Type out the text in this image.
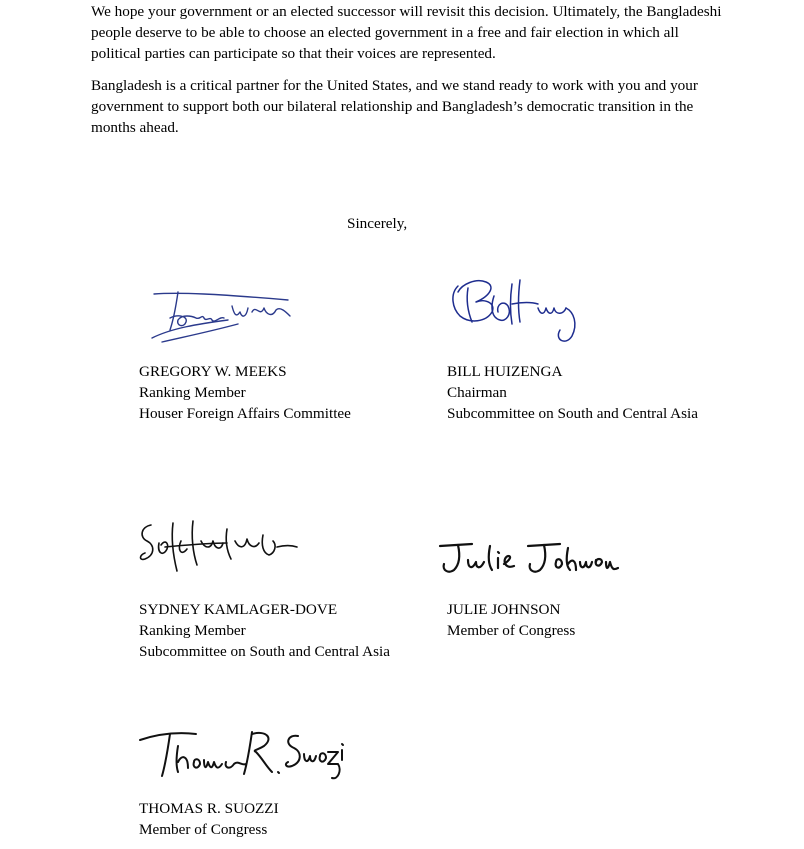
We hope your government or an elected successor will revisit this decision. Ultimately, the Bangladeshi people deserve to be able to choose an elected government in a free and fair election in which all political parties can participate so that their voices are represented.

Bangladesh is a critical partner for the United States, and we stand ready to work with you and your government to support both our bilateral relationship and Bangladesh’s democratic transition in the months ahead.

Sincerely,
GREGORY W. MEEKS
Ranking Member
Houser Foreign Affairs Committee
BILL HUIZENGA
Chairman
Subcommittee on South and Central Asia
SYDNEY KAMLAGER-DOVE
Ranking Member
Subcommittee on South and Central Asia
JULIE JOHNSON
Member of Congress
THOMAS R. SUOZZI
Member of Congress
